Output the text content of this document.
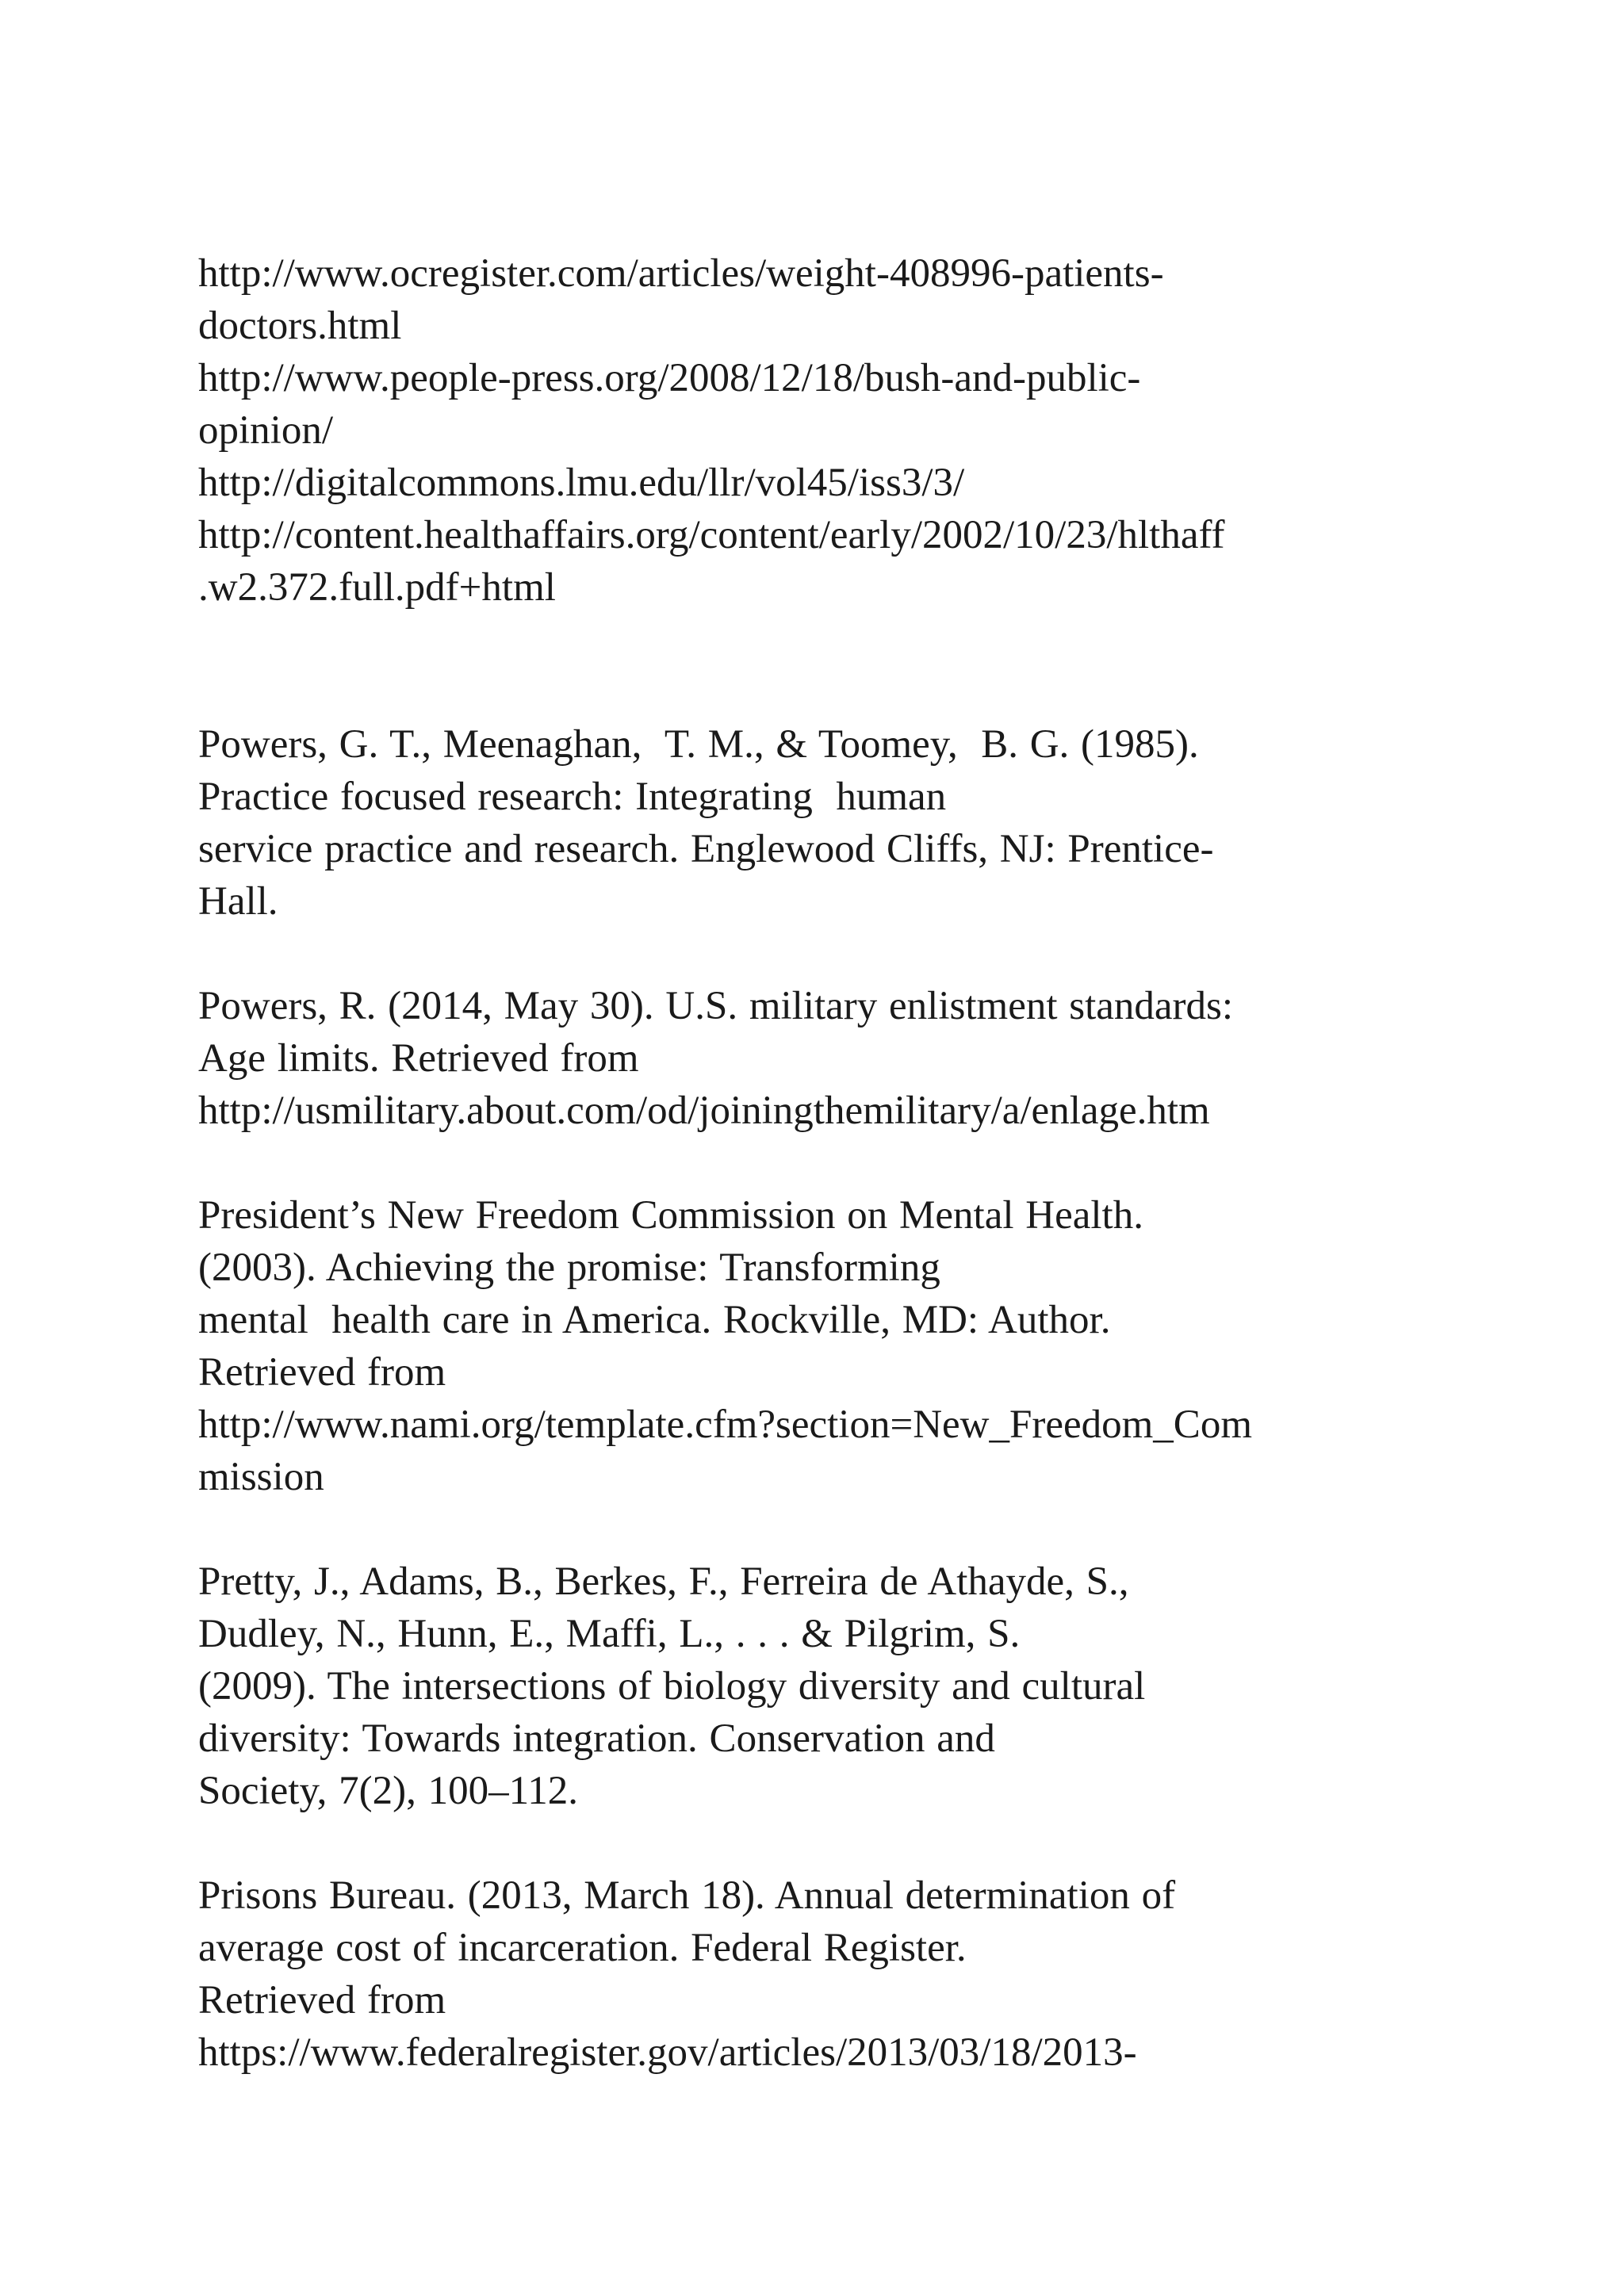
http://www.ocregister.com/articles/weight-408996-patients-
doctors.html
http://www.people-press.org/2008/12/18/bush-and-public-
opinion/
http://digitalcommons.lmu.edu/llr/vol45/iss3/3/
http://content.healthaffairs.org/content/early/2002/10/23/hlthaff
.w2.372.full.pdf+html
Powers, G. T., Meenaghan,  T. M., & Toomey,  B. G. (1985).
Practice focused research: Integrating  human
service practice and research. Englewood Cliffs, NJ: Prentice-
Hall.
Powers, R. (2014, May 30). U.S. military enlistment standards:
Age limits. Retrieved from
http://usmilitary.about.com/od/joiningthemilitary/a/enlage.htm
President’s New Freedom Commission on Mental Health.
(2003). Achieving the promise: Transforming
mental  health care in America. Rockville, MD: Author.
Retrieved from
http://www.nami.org/template.cfm?section=New_Freedom_Com
mission
Pretty, J., Adams, B., Berkes, F., Ferreira de Athayde, S.,
Dudley, N., Hunn, E., Maffi, L., . . . & Pilgrim, S.
(2009). The intersections of biology diversity and cultural
diversity: Towards integration. Conservation and
Society, 7(2), 100–112.
Prisons Bureau. (2013, March 18). Annual determination of
average cost of incarceration. Federal Register.
Retrieved from
https://www.federalregister.gov/articles/2013/03/18/2013-
